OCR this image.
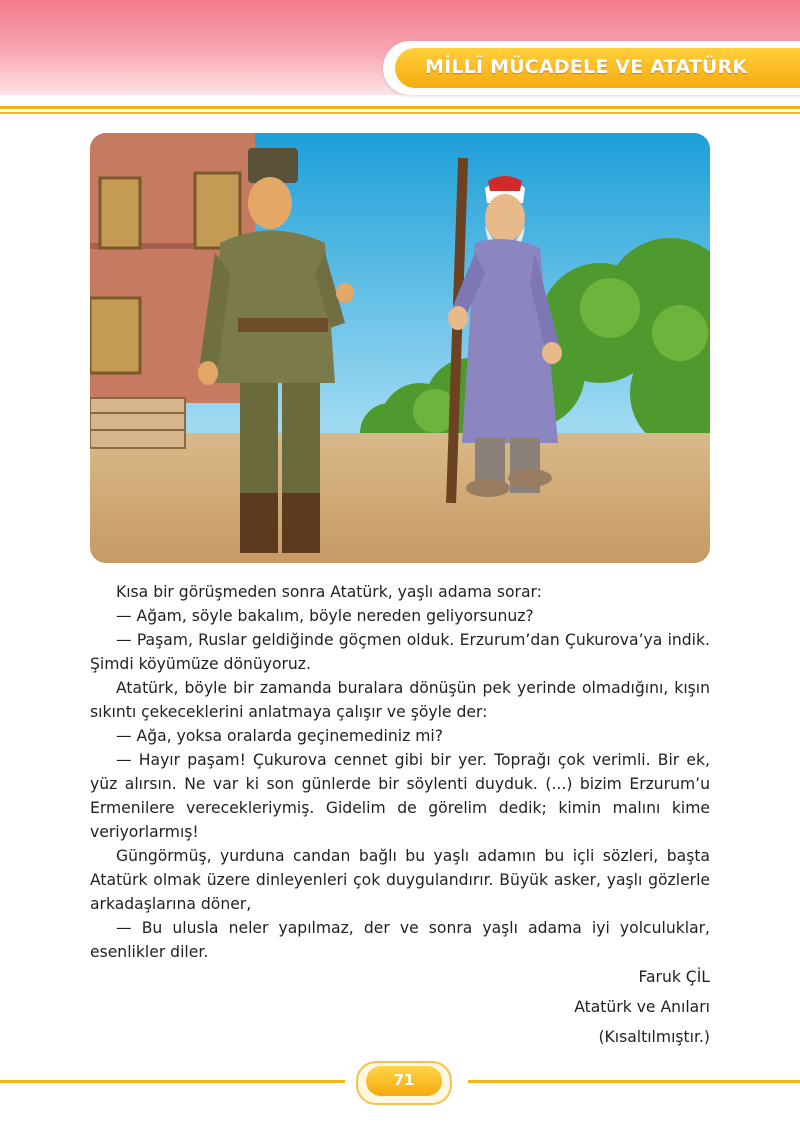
MİLLÎ MÜCADELE VE ATATÜRK

Kısa bir görüşmeden sonra Atatürk, yaşlı adama sorar:

— Ağam, söyle bakalım, böyle nereden geliyorsunuz?

— Paşam, Ruslar geldiğinde göçmen olduk. Erzurum’dan Çukurova’ya indik. Şimdi köyümüze dönüyoruz.

Atatürk, böyle bir zamanda buralara dönüşün pek yerinde olmadığını, kışın sıkıntı çekeceklerini anlatmaya çalışır ve şöyle der:

— Ağa, yoksa oralarda geçinemediniz mi?

— Hayır paşam! Çukurova cennet gibi bir yer. Toprağı çok verimli. Bir ek, yüz alırsın. Ne var ki son günlerde bir söylenti duyduk. (...) bizim Erzurum’u Ermenilere verecekleriymiş. Gidelim de görelim dedik; kimin malını kime veriyorlarmış!

Güngörmüş, yurduna candan bağlı bu yaşlı adamın bu içli sözleri, başta Atatürk olmak üzere dinleyenleri çok duygulandırır. Büyük asker, yaşlı gözlerle arkadaşlarına döner,

— Bu ulusla neler yapılmaz, der ve sonra yaşlı adama iyi yolculuklar, esenlikler diler.

Faruk ÇİL
Atatürk ve Anıları
(Kısaltılmıştır.)
71
